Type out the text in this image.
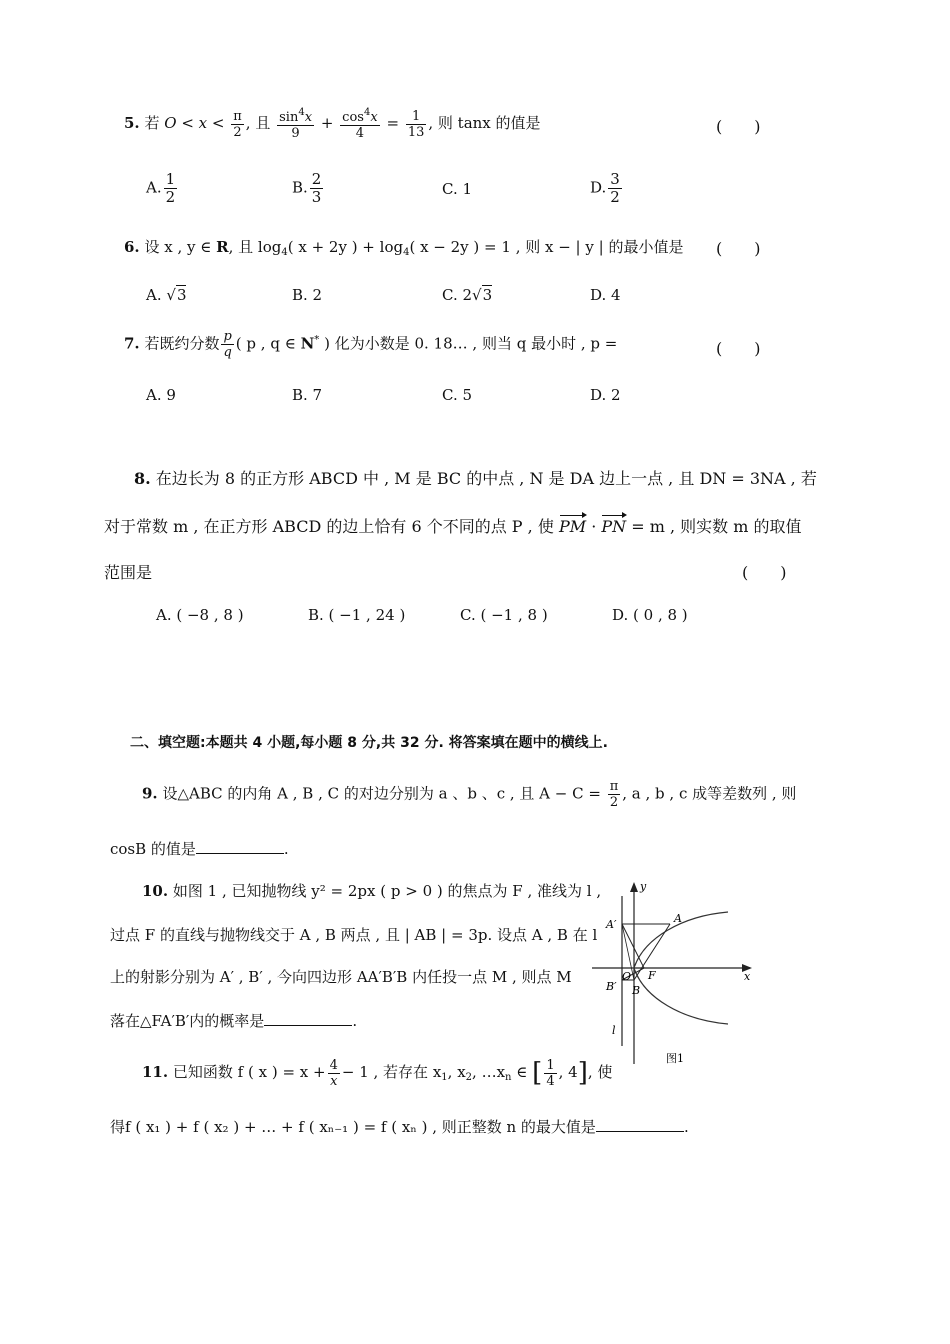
5. 若 $O < x < \frac{\pi}{2}$ , 且 $\frac{\sin^4x}{9} + \frac{\cos^4x}{4} = \frac{1}{13}$ , 则 tanx 的值是	(　　)
A. $\frac{1}{2}$	B. $\frac{2}{3}$	C. 1	D. $\frac{3}{2}$
6. 设 x , y ∈ R, 且 $\log_4$( x + 2y ) + $\log_4$( x − 2y ) = 1 , 则 x − | y | 的最小值是 (　　)
A. √3	B. 2	C. 2√3	D. 4
7. 若既约分数 $\frac{p}{q}$ ( p , q ∈ N* ) 化为小数是 0. 18… , 则当 q 最小时 , p =	(　　)
A. 9	B. 7	C. 5	D. 2
8. 在边长为 8 的正方形 ABCD 中 , M 是 BC 的中点 , N 是 DA 边上一点 , 且 DN = 3NA , 若
对于常数 m , 在正方形 ABCD 的边上恰有 6 个不同的点 P , 使 PM · PN = m , 则实数 m 的取值
范围是	(　　)
A. ( −8 , 8 )	B. ( −1 , 24 )	C. ( −1 , 8 )	D. ( 0 , 8 )
二、填空题:本题共 4 小题,每小题 8 分,共 32 分. 将答案填在题中的横线上.
9. 设△ABC 的内角 A , B , C 的对边分别为 a 、b 、c , 且 $A - C = \frac{\pi}{2}$ , a , b , c 成等差数列 , 则
cosB 的值是	.
10. 如图 1 , 已知抛物线 y² = 2px ( p > 0 ) 的焦点为 F , 准线为 l ,
过点 F 的直线与抛物线交于 A , B 两点 , 且 | AB | = 3p. 设点 A , B 在 l
上的射影分别为 A′ , B′ , 今向四边形 AA′B′B 内任投一点 M , 则点 M
落在△FA′B′内的概率是	.
y
x
A
A′
O F
B′ B
l
图1
11. 已知函数 f ( x ) = $x + \frac{4}{x} - 1$ , 若存在 $x_1$, $x_2$, $\dots x_n$ ∈ [ $\frac{1}{4}$ , 4], 使
得f ( x₁ ) + f ( x₂ ) + … + f ( xₙ₋₁ ) = f ( xₙ ) , 则正整数 n 的最大值是	.
